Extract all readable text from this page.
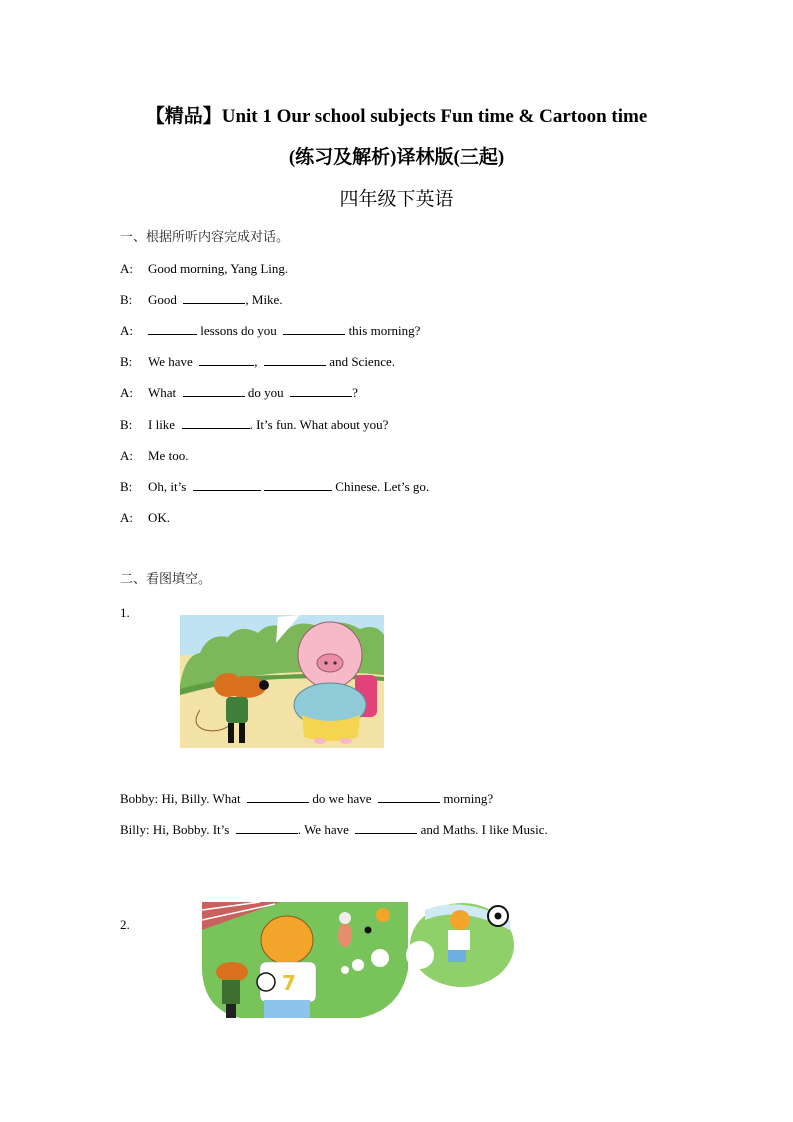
【精品】Unit 1 Our school subjects Fun time & Cartoon time
(练习及解析)译林版(三起)
四年级下英语
一、根据所听内容完成对话。
A: Good morning, Yang Ling.
B: Good	, Mike.
A:	lessons do you	this morning?
B: We have	,	and Science.
A: What	do you	?
B: I like	. It’s fun. What about you?
A: Me too.
B: Oh, it’s	Chinese. Let’s go.
A: OK.
二、看图填空。
1.
Bobby: Hi, Billy. What	do we have	morning?
Billy: Hi, Bobby. It’s	. We have	and Maths. I like Music.
2.
7
